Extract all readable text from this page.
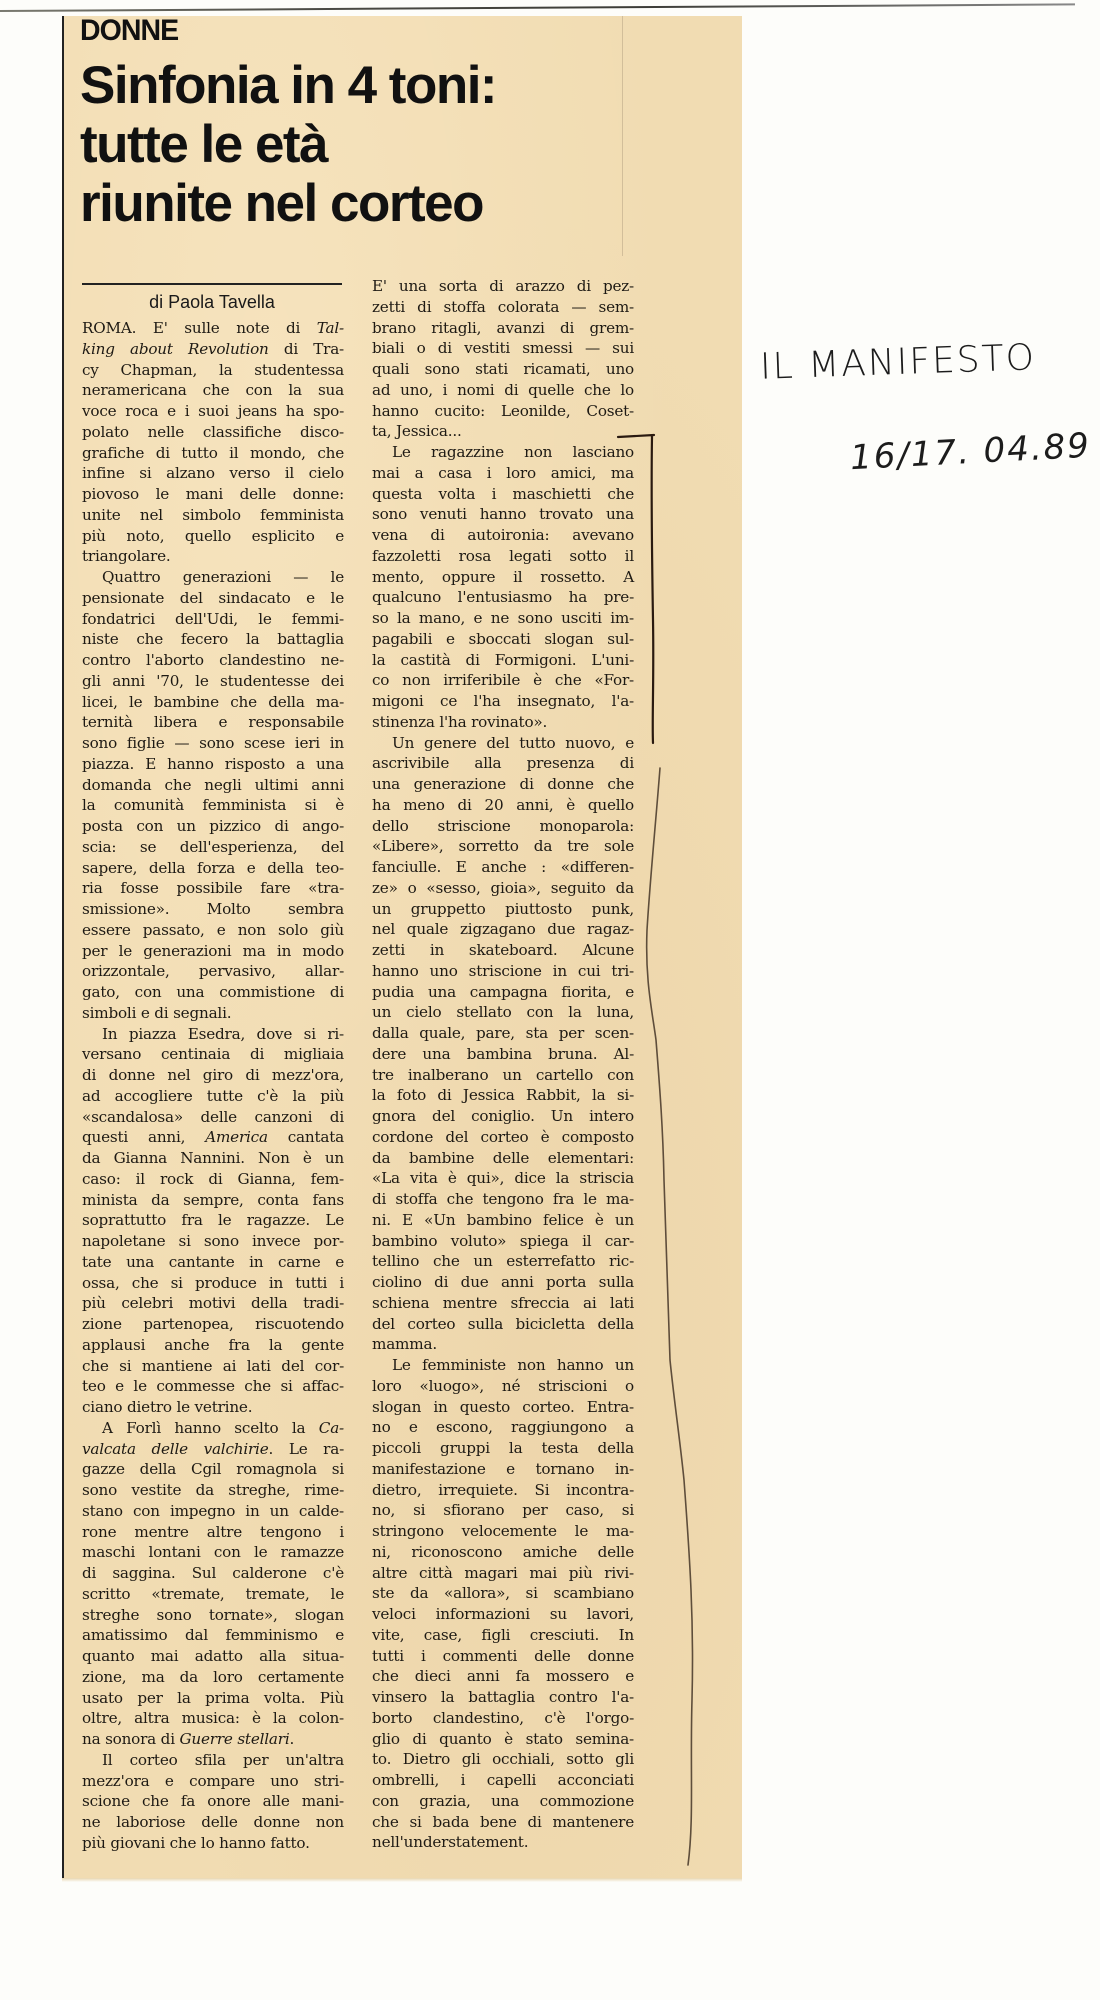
DONNE
Sinfonia in 4 toni:
tutte le età
riunite nel corteo
di Paola Tavella

ROMA. E' sulle note di Tal-
king about Revolution di Tra-
cy Chapman, la studentessa
neramericana che con la sua
voce roca e i suoi jeans ha spo-
polato nelle classifiche disco-
grafiche di tutto il mondo, che
infine si alzano verso il cielo
piovoso le mani delle donne:
unite nel simbolo femminista
più noto, quello esplicito e
triangolare.

Quattro generazioni — le
pensionate del sindacato e le
fondatrici dell'Udi, le femmi-
niste che fecero la battaglia
contro l'aborto clandestino ne-
gli anni '70, le studentesse dei
licei, le bambine che della ma-
ternità libera e responsabile
sono figlie — sono scese ieri in
piazza. E hanno risposto a una
domanda che negli ultimi anni
la comunità femminista si è
posta con un pizzico di ango-
scia: se dell'esperienza, del
sapere, della forza e della teo-
ria fosse possibile fare «tra-
smissione». Molto sembra
essere passato, e non solo giù
per le generazioni ma in modo
orizzontale, pervasivo, allar-
gato, con una commistione di
simboli e di segnali.

In piazza Esedra, dove si ri-
versano centinaia di migliaia
di donne nel giro di mezz'ora,
ad accogliere tutte c'è la più
«scandalosa» delle canzoni di
questi anni, America cantata
da Gianna Nannini. Non è un
caso: il rock di Gianna, fem-
minista da sempre, conta fans
soprattutto fra le ragazze. Le
napoletane si sono invece por-
tate una cantante in carne e
ossa, che si produce in tutti i
più celebri motivi della tradi-
zione partenopea, riscuotendo
applausi anche fra la gente
che si mantiene ai lati del cor-
teo e le commesse che si affac-
ciano dietro le vetrine.

A Forlì hanno scelto la Ca-
valcata delle valchirie. Le ra-
gazze della Cgil romagnola si
sono vestite da streghe, rime-
stano con impegno in un calde-
rone mentre altre tengono i
maschi lontani con le ramazze
di saggina. Sul calderone c'è
scritto «tremate, tremate, le
streghe sono tornate», slogan
amatissimo dal femminismo e
quanto mai adatto alla situa-
zione, ma da loro certamente
usato per la prima volta. Più
oltre, altra musica: è la colon-
na sonora di Guerre stellari.

Il corteo sfila per un'altra
mezz'ora e compare uno stri-
scione che fa onore alle mani-
ne laboriose delle donne non
più giovani che lo hanno fatto.

E' una sorta di arazzo di pez-
zetti di stoffa colorata — sem-
brano ritagli, avanzi di grem-
biali o di vestiti smessi — sui
quali sono stati ricamati, uno
ad uno, i nomi di quelle che lo
hanno cucito: Leonilde, Coset-
ta, Jessica...

Le ragazzine non lasciano
mai a casa i loro amici, ma
questa volta i maschietti che
sono venuti hanno trovato una
vena di autoironia: avevano
fazzoletti rosa legati sotto il
mento, oppure il rossetto. A
qualcuno l'entusiasmo ha pre-
so la mano, e ne sono usciti im-
pagabili e sboccati slogan sul-
la castità di Formigoni. L'uni-
co non irriferibile è che «For-
migoni ce l'ha insegnato, l'a-
stinenza l'ha rovinato».

Un genere del tutto nuovo, e
ascrivibile alla presenza di
una generazione di donne che
ha meno di 20 anni, è quello
dello striscione monoparola:
«Libere», sorretto da tre sole
fanciulle. E anche : «differen-
ze» o «sesso, gioia», seguito da
un gruppetto piuttosto punk,
nel quale zigzagano due ragaz-
zetti in skateboard. Alcune
hanno uno striscione in cui tri-
pudia una campagna fiorita, e
un cielo stellato con la luna,
dalla quale, pare, sta per scen-
dere una bambina bruna. Al-
tre inalberano un cartello con
la foto di Jessica Rabbit, la si-
gnora del coniglio. Un intero
cordone del corteo è composto
da bambine delle elementari:
«La vita è qui», dice la striscia
di stoffa che tengono fra le ma-
ni. E «Un bambino felice è un
bambino voluto» spiega il car-
tellino che un esterrefatto ric-
ciolino di due anni porta sulla
schiena mentre sfreccia ai lati
del corteo sulla bicicletta della
mamma.

Le femministe non hanno un
loro «luogo», né striscioni o
slogan in questo corteo. Entra-
no e escono, raggiungono a
piccoli gruppi la testa della
manifestazione e tornano in-
dietro, irrequiete. Si incontra-
no, si sfiorano per caso, si
stringono velocemente le ma-
ni, riconoscono amiche delle
altre città magari mai più rivi-
ste da «allora», si scambiano
veloci informazioni su lavori,
vite, case, figli cresciuti. In
tutti i commenti delle donne
che dieci anni fa mossero e
vinsero la battaglia contro l'a-
borto clandestino, c'è l'orgo-
glio di quanto è stato semina-
to. Dietro gli occhiali, sotto gli
ombrelli, i capelli acconciati
con grazia, una commozione
che si bada bene di mantenere
nell'understatement.

IL MANIFESTO
16/17. 04.89
